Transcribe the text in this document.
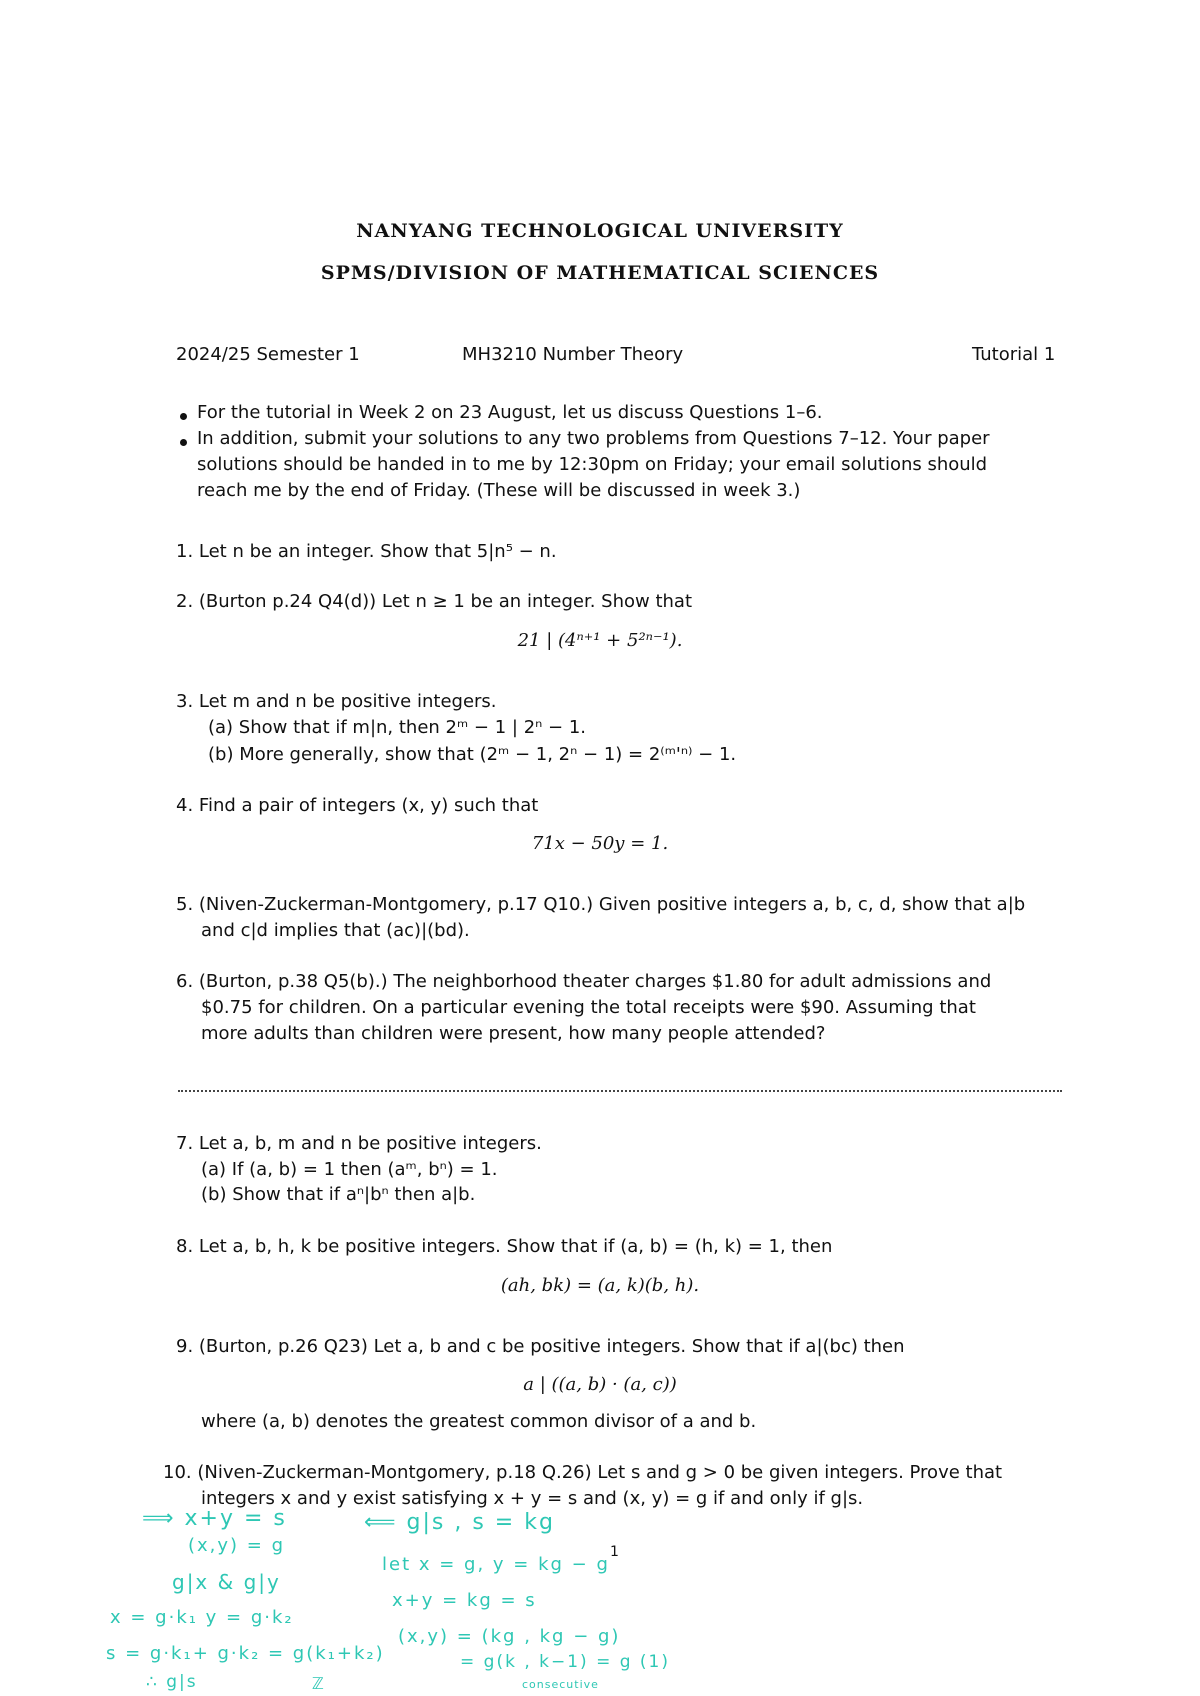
NANYANG TECHNOLOGICAL UNIVERSITY
SPMS/DIVISION OF MATHEMATICAL SCIENCES
2024/25 Semester 1	MH3210 Number Theory	Tutorial 1
For the tutorial in Week 2 on 23 August, let us discuss Questions 1–6.
In addition, submit your solutions to any two problems from Questions 7–12. Your paper
solutions should be handed in to me by 12:30pm on Friday; your email solutions should
reach me by the end of Friday. (These will be discussed in week 3.)
1. Let n be an integer. Show that 5|n⁵ − n.
2. (Burton p.24 Q4(d)) Let n ≥ 1 be an integer. Show that
21 | (4ⁿ⁺¹ + 5²ⁿ⁻¹).
3. Let m and n be positive integers.
(a) Show that if m|n, then 2ᵐ − 1 | 2ⁿ − 1.
(b) More generally, show that (2ᵐ − 1, 2ⁿ − 1) = 2⁽ᵐ'ⁿ⁾ − 1.
4. Find a pair of integers (x, y) such that
71x − 50y = 1.
5. (Niven-Zuckerman-Montgomery, p.17 Q10.) Given positive integers a, b, c, d, show that a|b
and c|d implies that (ac)|(bd).
6. (Burton, p.38 Q5(b).) The neighborhood theater charges $1.80 for adult admissions and
$0.75 for children. On a particular evening the total receipts were $90. Assuming that
more adults than children were present, how many people attended?
7. Let a, b, m and n be positive integers.
(a) If (a, b) = 1 then (aᵐ, bⁿ) = 1.
(b) Show that if aⁿ|bⁿ then a|b.
8. Let a, b, h, k be positive integers. Show that if (a, b) = (h, k) = 1, then
(ah, bk) = (a, k)(b, h).
9. (Burton, p.26 Q23) Let a, b and c be positive integers. Show that if a|(bc) then
a | ((a, b) · (a, c))
where (a, b) denotes the greatest common divisor of a and b.
10. (Niven-Zuckerman-Montgomery, p.18 Q.26) Let s and g > 0 be given integers. Prove that
integers x and y exist satisfying x + y = s and (x, y) = g if and only if g|s.
1
⟹ x+y = s
(x,y) = g
g|x & g|y
x = g·k₁ y = g·k₂
s = g·k₁+ g·k₂ = g(k₁+k₂)
∴ g|s	ℤ
⟸ g|s , s = kg
let x = g, y = kg − g
x+y = kg = s
(x,y) = (kg , kg − g)
= g(k , k−1) = g (1)
consecutive
